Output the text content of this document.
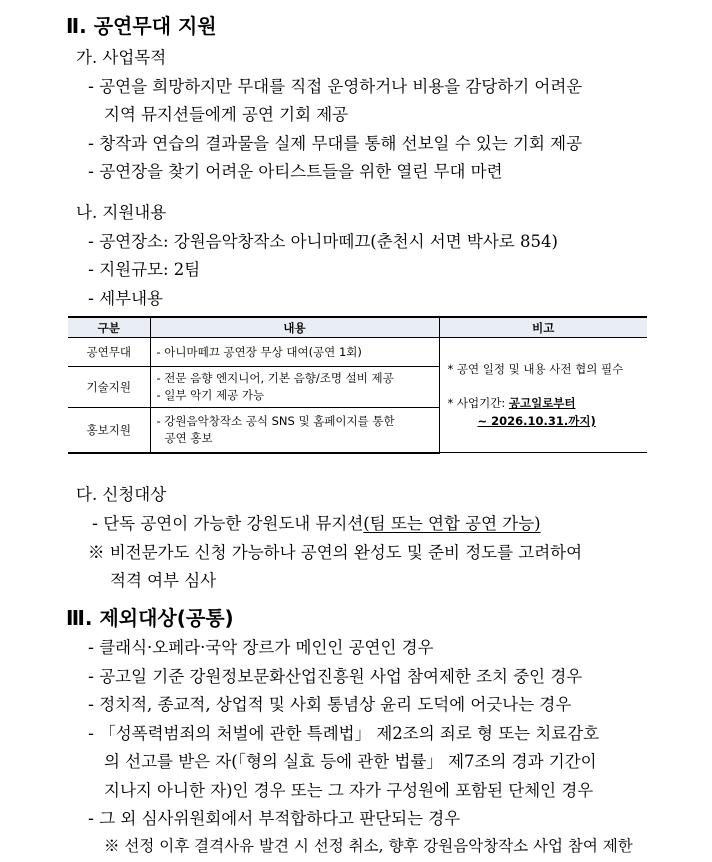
Ⅱ. 공연무대 지원
가. 사업목적
- 공연을 희망하지만 무대를 직접 운영하거나 비용을 감당하기 어려운
지역 뮤지션들에게 공연 기회 제공
- 창작과 연습의 결과물을 실제 무대를 통해 선보일 수 있는 기회 제공
- 공연장을 찾기 어려운 아티스트들을 위한 열린 무대 마련
나. 지원내용
- 공연장소: 강원음악창작소 아니마떼끄(춘천시 서면 박사로 854)
- 지원규모: 2팀
- 세부내용
구분	내용	비고
공연무대	- 아니마떼끄 공연장 무상 대여(공연 1회)	* 공연 일정 및 내용 사전 협의 필수
* 사업기간: 공고일로부터
~ 2026.10.31.까지)

기술지원	- 전문 음향 엔지니어, 기본 음향/조명 설비 제공
- 일부 악기 제공 가능	

홍보지원	- 강원음악창작소 공식 SNS 및 홈페이지를 통한
공연 홍보	
다. 신청대상
- 단독 공연이 가능한 강원도내 뮤지션(팀 또는 연합 공연 가능)
※ 비전문가도 신청 가능하나 공연의 완성도 및 준비 정도를 고려하여
적격 여부 심사
Ⅲ. 제외대상(공통)
- 클래식·오페라·국악 장르가 메인인 공연인 경우
- 공고일 기준 강원정보문화산업진흥원 사업 참여제한 조치 중인 경우
- 정치적, 종교적, 상업적 및 사회 통념상 윤리 도덕에 어긋나는 경우
- 「성폭력범죄의 처벌에 관한 특례법」 제2조의 죄로 형 또는 치료감호
의 선고를 받은 자(「형의 실효 등에 관한 법률」 제7조의 경과 기간이
지나지 아니한 자)인 경우 또는 그 자가 구성원에 포함된 단체인 경우
- 그 외 심사위원회에서 부적합하다고 판단되는 경우
※ 선정 이후 결격사유 발견 시 선정 취소, 향후 강원음악창작소 사업 참여 제한
